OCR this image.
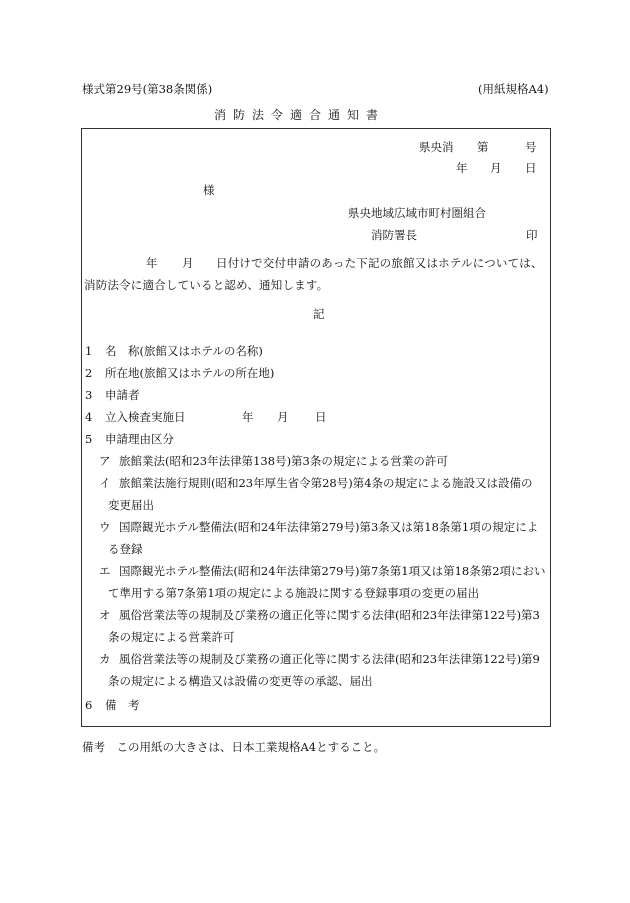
様式第29号(第38条関係)	(用紙規格A4)
消防法令適合通知書
県央消 第	号
年 月 日
様
県央地域広域市町村圏組合
消防署長	印
年 月 日付けで交付申請のあった下記の旅館又はホテルについては、
消防法令に適合していると認め、通知します。
記
1 名　称(旅館又はホテルの名称)
2 所在地(旅館又はホテルの所在地)
3 申請者
4 立入検査実施日	年 月 日
5 申請理由区分
ア 旅館業法(昭和23年法律第138号)第3条の規定による営業の許可
イ 旅館業法施行規則(昭和23年厚生省令第28号)第4条の規定による施設又は設備の
変更届出
ウ 国際観光ホテル整備法(昭和24年法律第279号)第3条又は第18条第1項の規定によ
る登録
エ 国際観光ホテル整備法(昭和24年法律第279号)第7条第1項又は第18条第2項におい
て準用する第7条第1項の規定による施設に関する登録事項の変更の届出
オ 風俗営業法等の規制及び業務の適正化等に関する法律(昭和23年法律第122号)第3
条の規定による営業許可
カ 風俗営業法等の規制及び業務の適正化等に関する法律(昭和23年法律第122号)第9
条の規定による構造又は設備の変更等の承認、届出
6 備　考
備考　この用紙の大きさは、日本工業規格A4とすること。
